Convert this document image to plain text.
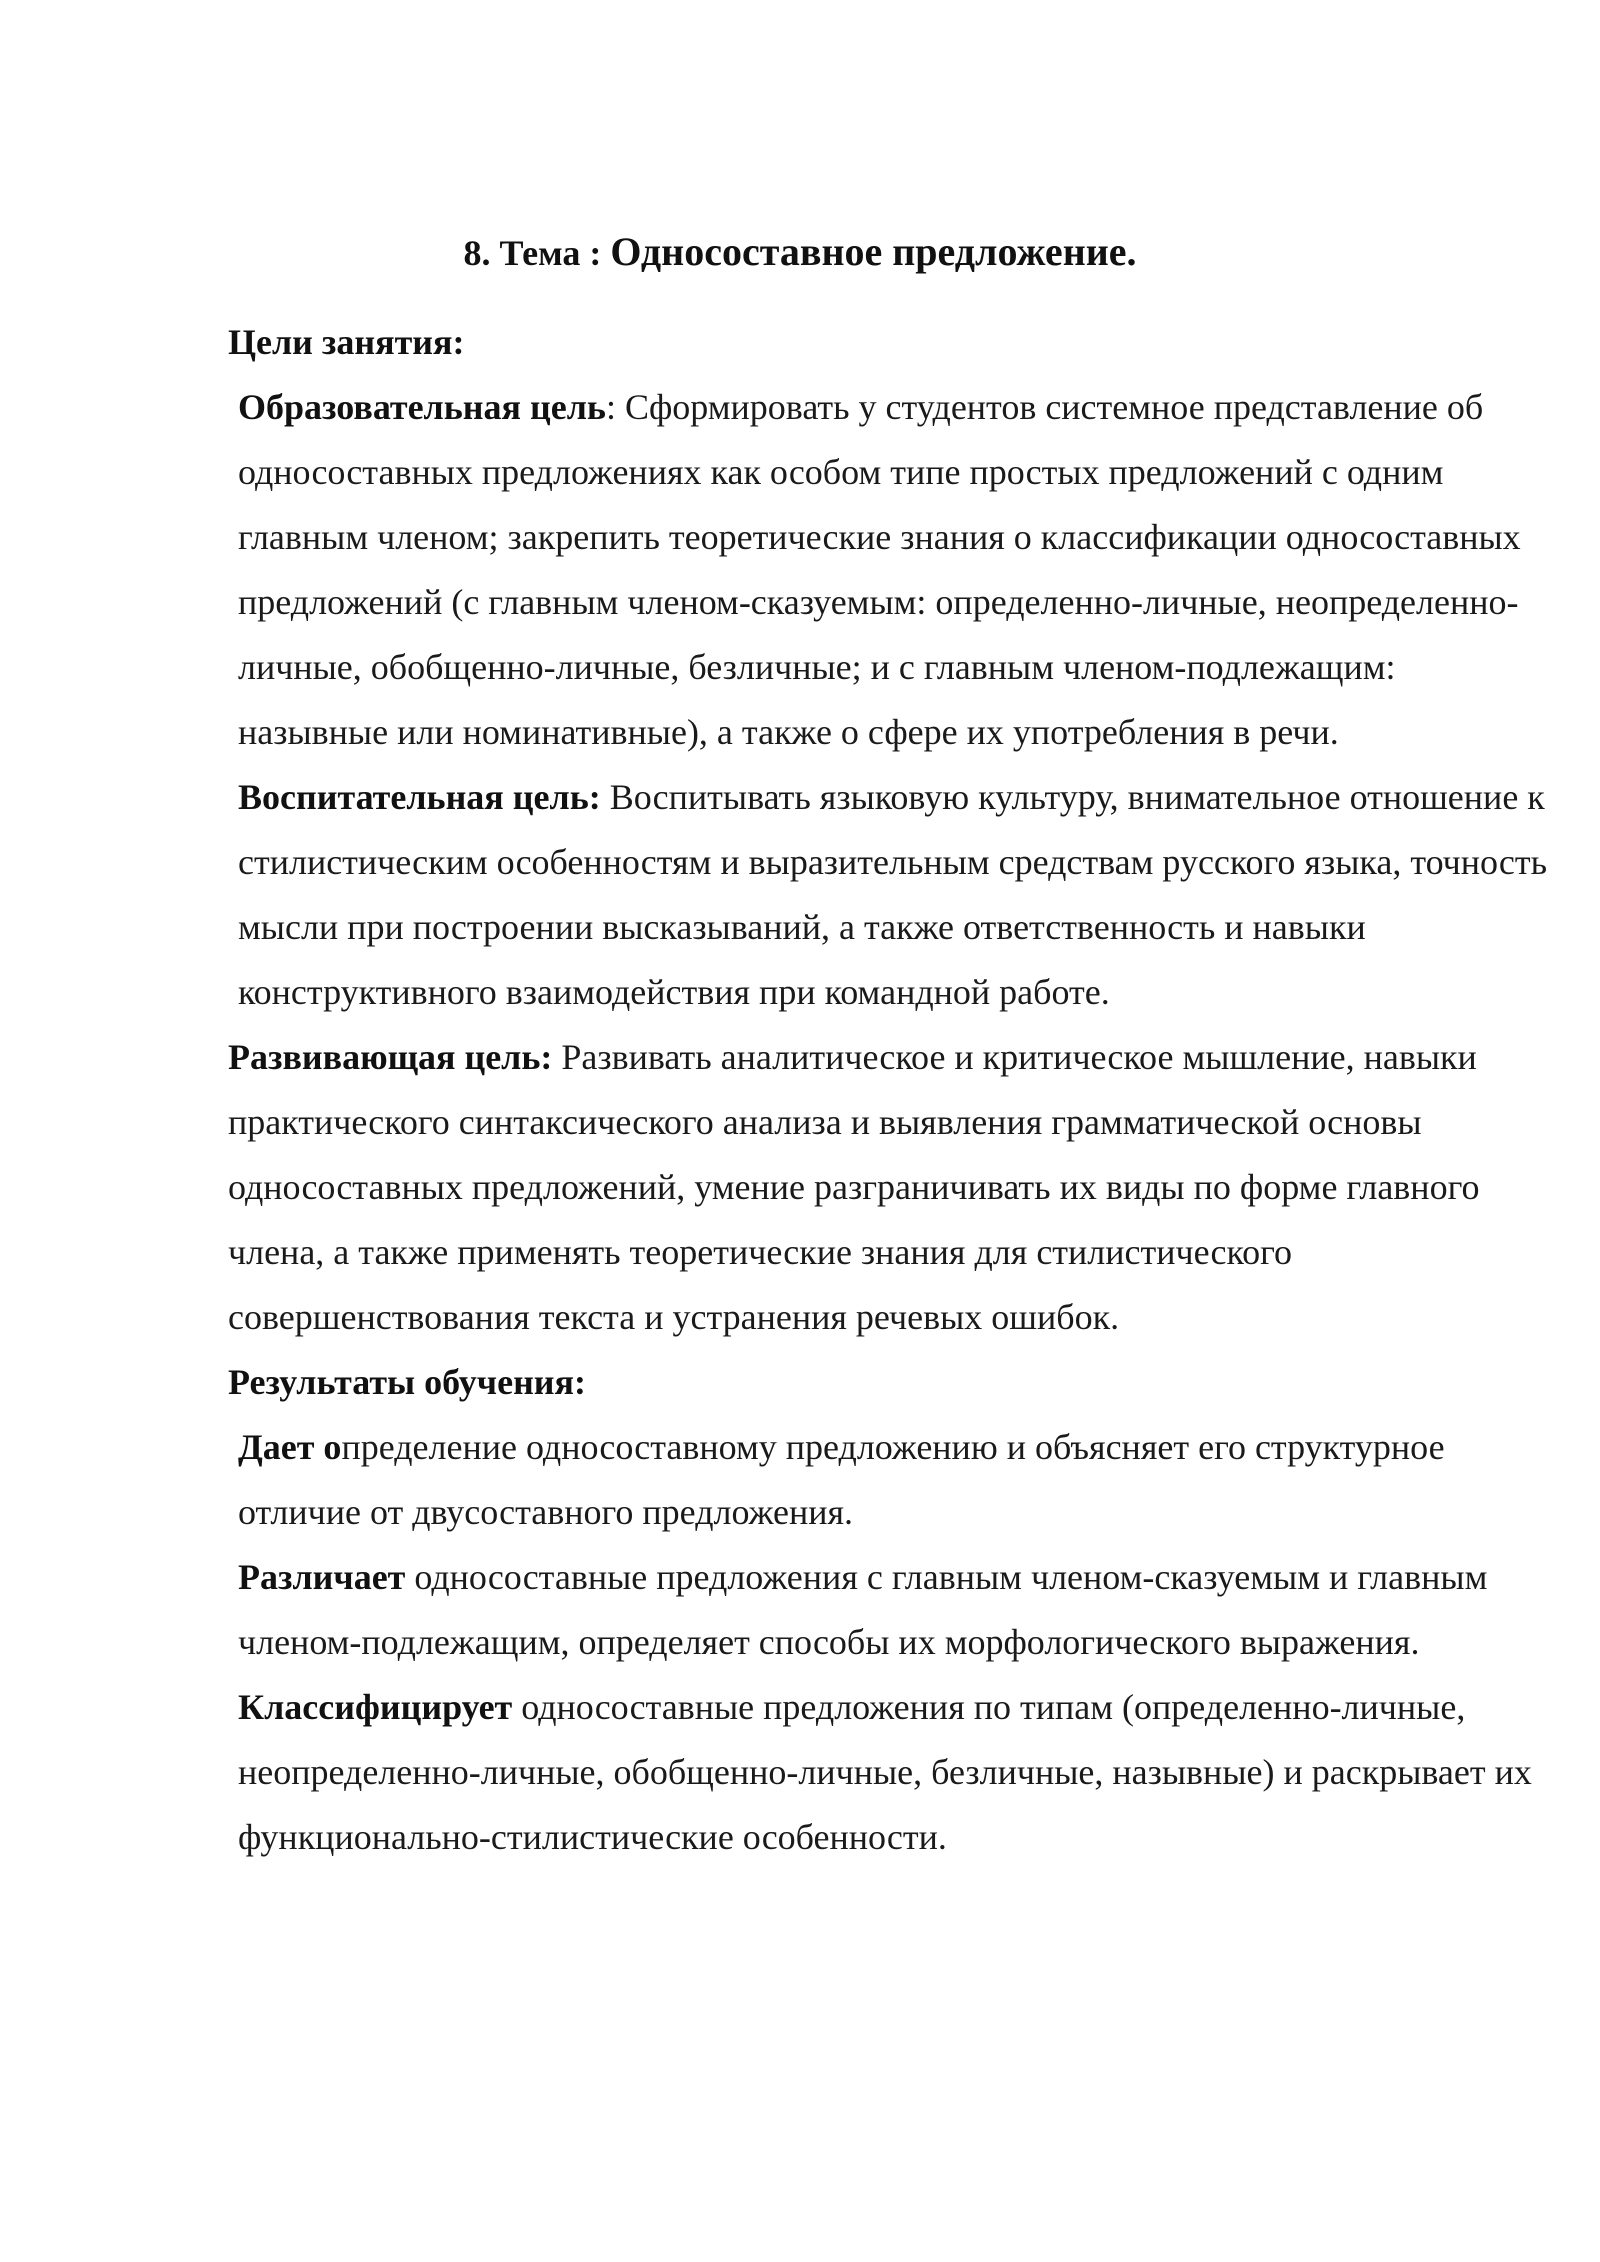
8. Тема : Односоставное предложение.

Цели занятия:

Образовательная цель: Сформировать у студентов системное представление об односоставных предложениях как особом типе простых предложений с одним главным членом; закрепить теоретические знания о классификации односоставных предложений (с главным членом-сказуемым: определенно-личные, неопределенно-личные, обобщенно-личные, безличные; и с главным членом-подлежащим: назывные или номинативные), а также о сфере их употребления в речи.

Воспитательная цель: Воспитывать языковую культуру, внимательное отношение к стилистическим особенностям и выразительным средствам русского языка, точность мысли при построении высказываний, а также ответственность и навыки конструктивного взаимодействия при командной работе.

Развивающая цель: Развивать аналитическое и критическое мышление, навыки практического синтаксического анализа и выявления грамматической основы односоставных предложений, умение разграничивать их виды по форме главного члена, а также применять теоретические знания для стилистического совершенствования текста и устранения речевых ошибок.

Результаты обучения:

Дает определение односоставному предложению и объясняет его структурное отличие от двусоставного предложения.

Различает односоставные предложения с главным членом-сказуемым и главным членом-подлежащим, определяет способы их морфологического выражения.

Классифицирует односоставные предложения по типам (определенно-личные, неопределенно-личные, обобщенно-личные, безличные, назывные) и раскрывает их функционально-стилистические особенности.
